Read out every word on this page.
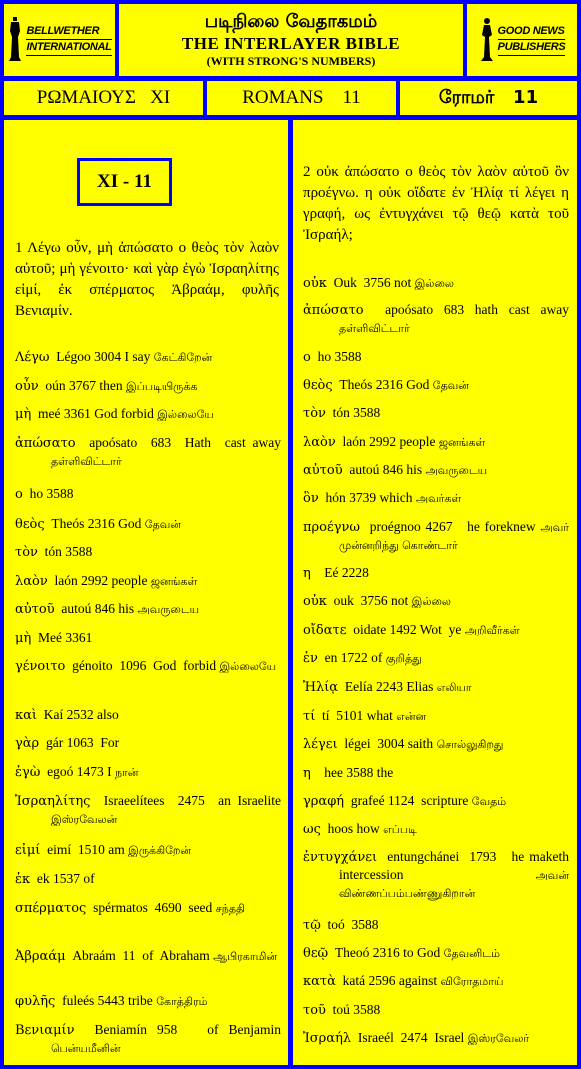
BELLWETHER
INTERNATIONAL
படிநிலை வேதாகமம்
THE INTERLAYER BIBLE
(WITH STRONG'S NUMBERS)
GOOD NEWS
PUBLISHERS
ΡΩΜΑΙΟΥΣ   XI	ROMANS    11	ரோமர்   11
XI - 11
1 Λέγω οὖν, μὴ ἀπώσατο ο θεὸς τὸν λαὸν αὐτοῦ; μὴ γένοιτο· καὶ γὰρ ἐγὼ Ἰσραηλίτης εἰμί, ἐκ σπέρματος Ἀβραάμ, φυλῆς Βενιαμίν.
Λέγω  Légoo 3004 I say கேட்கிறேன்
οὖν  oún 3767 then இப்படியிருக்க
μὴ  meé 3361 God forbid இல்லையே
ἀπώσατο  apoósato  683  Hath  cast away தள்ளிவிட்டார்
ο  ho 3588
θεὸς  Theós 2316 God தேவன்
τὸν  tón 3588
λαὸν  laón 2992 people ஜனங்கள்
αὐτοῦ  autoú 846 his அவருடைய
μὴ  Meé 3361
γένοιτο  génoito  1096  God  forbid இல்லையே
καὶ  Kaí 2532 also
γὰρ  gár 1063  For
ἐγὼ  egoó 1473 I நான்
Ἰσραηλίτης  Israeelítees  2475  an Israelite இஸ்ரவேலன்
εἰμί  eimí  1510 am இருக்கிறேன்
ἐκ  ek 1537 of
σπέρματος  spérmatos  4690  seed சந்ததி
Ἀβραάμ  Abraám  11  of  Abraham ஆபிரகாமின்
φυλῆς  fuleés 5443 tribe கோத்திரம்
Βενιαμίν  Beniamín 958   of Benjamin பென்யமீனின்
2 οὐκ ἀπώσατο ο θεὸς τὸν λαὸν αὐτοῦ ὃν προέγνω. η οὐκ οἴδατε ἐν Ἠλίᾳ τί λέγει η γραφή, ως ἐντυγχάνει τῷ θεῷ κατὰ τοῦ Ἰσραήλ;
οὐκ  Ouk  3756 not இல்லை
ἀπώσατο  apoósato 683 hath cast away தள்ளிவிட்டார்
ο  ho 3588
θεὸς  Theós 2316 God தேவன்
τὸν  tón 3588
λαὸν  laón 2992 people ஜனங்கள்
αὐτοῦ  autoú 846 his அவருடைய
ὃν  hón 3739 which அவர்கள்
προέγνω  proégnoo 4267   he foreknew அவர் முன்னறிந்து கொண்டார்
η    Eé 2228
οὐκ  ouk  3756 not இல்லை
οἴδατε  oidate 1492 Wot  ye அறிவீர்கள்
ἐν  en 1722 of குறித்து
Ἠλίᾳ  Eelía 2243 Elias எலியா
τί  tí  5101 what என்ன
λέγει  légei  3004 saith சொல்லுகிறது
η    hee 3588 the
γραφή  grafeé 1124  scripture வேதம்
ως  hoos how எப்படி
ἐντυγχάνει  entungchánei  1793   he maketh  intercession அவன் விண்ணப்பம்பண்ணுகிறான்
τῷ  toó  3588
θεῷ  Theoó 2316 to God தேவனிடம்
κατὰ  katá 2596 against விரோதமாய்
τοῦ  toú 3588
Ἰσραήλ  Israeél  2474  Israel இஸ்ரவேலர்
